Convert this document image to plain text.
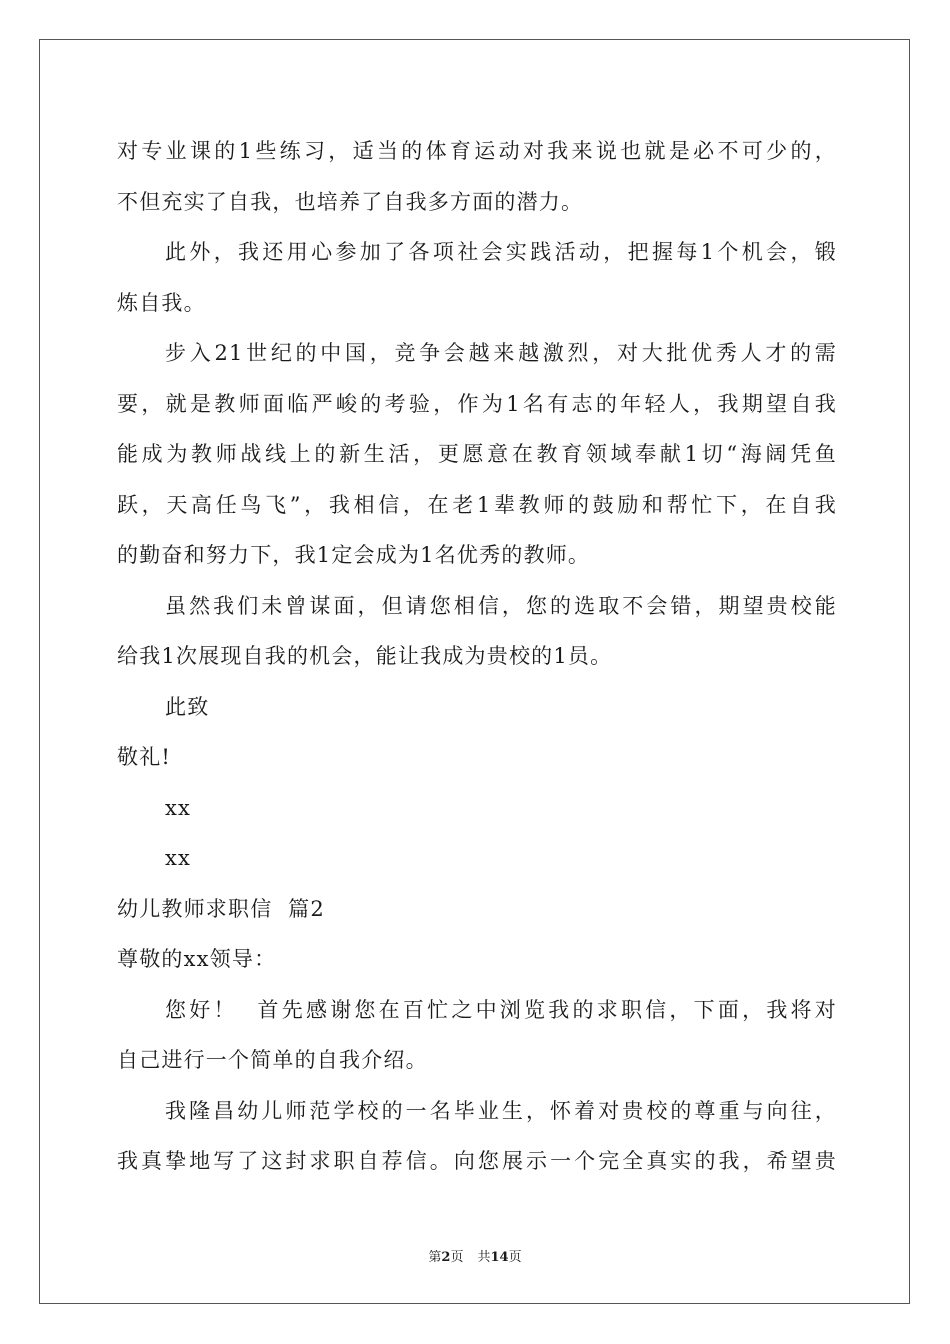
对专业课的1些练习，适当的体育运动对我来说也就是必不可少的，
不但充实了自我，也培养了自我多方面的潜力。
此外，我还用心参加了各项社会实践活动，把握每1个机会，锻
炼自我。
步入21世纪的中国，竞争会越来越激烈，对大批优秀人才的需
要，就是教师面临严峻的考验，作为1名有志的年轻人，我期望自我
能成为教师战线上的新生活，更愿意在教育领域奉献1切“海阔凭鱼
跃，天高任鸟飞”，我相信，在老1辈教师的鼓励和帮忙下，在自我
的勤奋和努力下，我1定会成为1名优秀的教师。
虽然我们未曾谋面，但请您相信，您的选取不会错，期望贵校能
给我1次展现自我的机会，能让我成为贵校的1员。
此致
敬礼!
xx
xx
幼儿教师求职信  篇2
尊敬的xx领导：
您好！  首先感谢您在百忙之中浏览我的求职信，下面，我将对
自己进行一个简单的自我介绍。
我隆昌幼儿师范学校的一名毕业生，怀着对贵校的尊重与向往，
我真挚地写了这封求职自荐信。向您展示一个完全真实的我，希望贵
第2页 共14页
